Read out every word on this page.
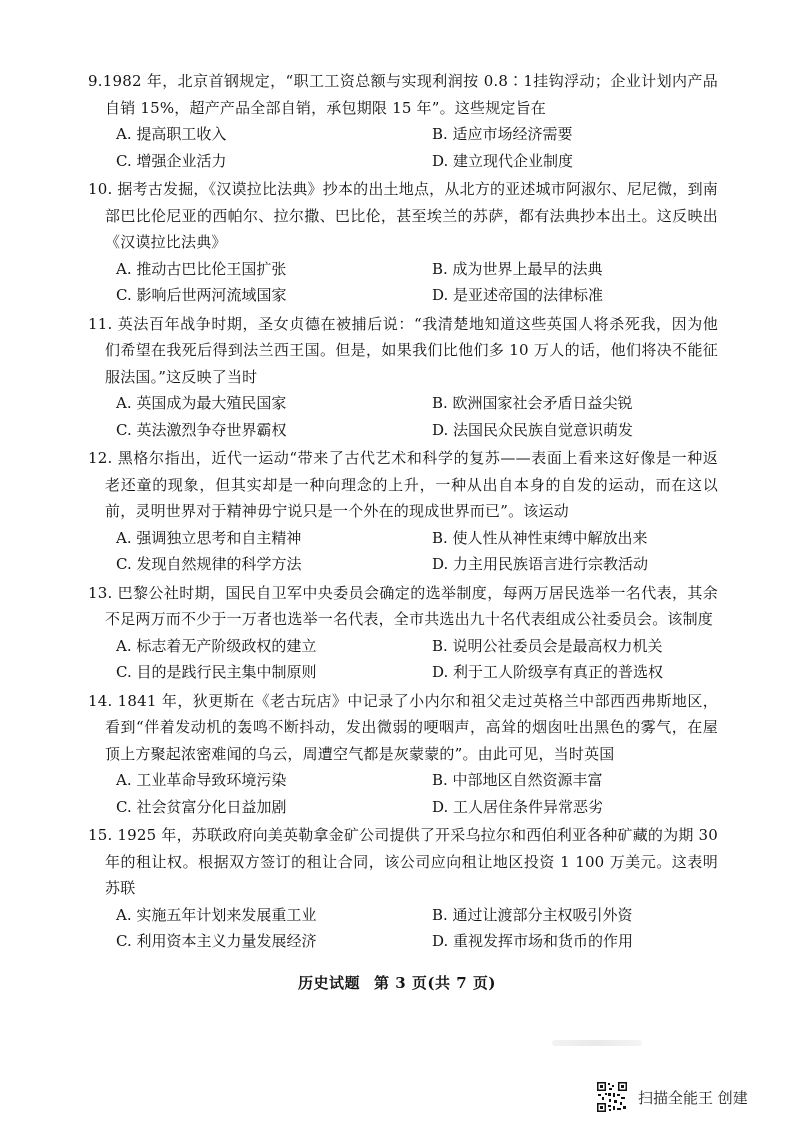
9.1982 年，北京首钢规定，“职工工资总额与实现利润按 0.8∶1挂钩浮动；企业计划内产品自销 15%，超产产品全部自销，承包期限 15 年”。这些规定旨在
A. 提高职工收入	B. 适应市场经济需要
C. 增强企业活力	D. 建立现代企业制度
10. 据考古发掘，《汉谟拉比法典》抄本的出土地点，从北方的亚述城市阿淑尔、尼尼微，到南部巴比伦尼亚的西帕尔、拉尔撒、巴比伦，甚至埃兰的苏萨，都有法典抄本出土。这反映出《汉谟拉比法典》
A. 推动古巴比伦王国扩张	B. 成为世界上最早的法典
C. 影响后世两河流域国家	D. 是亚述帝国的法律标准
11. 英法百年战争时期，圣女贞德在被捕后说：“我清楚地知道这些英国人将杀死我，因为他们希望在我死后得到法兰西王国。但是，如果我们比他们多 10 万人的话，他们将决不能征服法国。”这反映了当时
A. 英国成为最大殖民国家	B. 欧洲国家社会矛盾日益尖锐
C. 英法激烈争夺世界霸权	D. 法国民众民族自觉意识萌发
12. 黑格尔指出，近代一运动“带来了古代艺术和科学的复苏——表面上看来这好像是一种返老还童的现象，但其实却是一种向理念的上升，一种从出自本身的自发的运动，而在这以前，灵明世界对于精神毋宁说只是一个外在的现成世界而已”。该运动
A. 强调独立思考和自主精神	B. 使人性从神性束缚中解放出来
C. 发现自然规律的科学方法	D. 力主用民族语言进行宗教活动
13. 巴黎公社时期，国民自卫军中央委员会确定的选举制度，每两万居民选举一名代表，其余不足两万而不少于一万者也选举一名代表，全市共选出九十名代表组成公社委员会。该制度
A. 标志着无产阶级政权的建立	B. 说明公社委员会是最高权力机关
C. 目的是践行民主集中制原则	D. 利于工人阶级享有真正的普选权
14. 1841 年，狄更斯在《老古玩店》中记录了小内尔和祖父走过英格兰中部西西弗斯地区，看到“伴着发动机的轰鸣不断抖动，发出微弱的哽咽声，高耸的烟囱吐出黑色的雾气，在屋顶上方聚起浓密难闻的乌云，周遭空气都是灰蒙蒙的”。由此可见，当时英国
A. 工业革命导致环境污染	B. 中部地区自然资源丰富
C. 社会贫富分化日益加剧	D. 工人居住条件异常恶劣
15. 1925 年，苏联政府向美英勒拿金矿公司提供了开采乌拉尔和西伯利亚各种矿藏的为期 30 年的租让权。根据双方签订的租让合同，该公司应向租让地区投资 1 100 万美元。这表明苏联
A. 实施五年计划来发展重工业	B. 通过让渡部分主权吸引外资
C. 利用资本主义力量发展经济	D. 重视发挥市场和货币的作用
历史试题 第 3 页(共 7 页)
扫描全能王 创建
